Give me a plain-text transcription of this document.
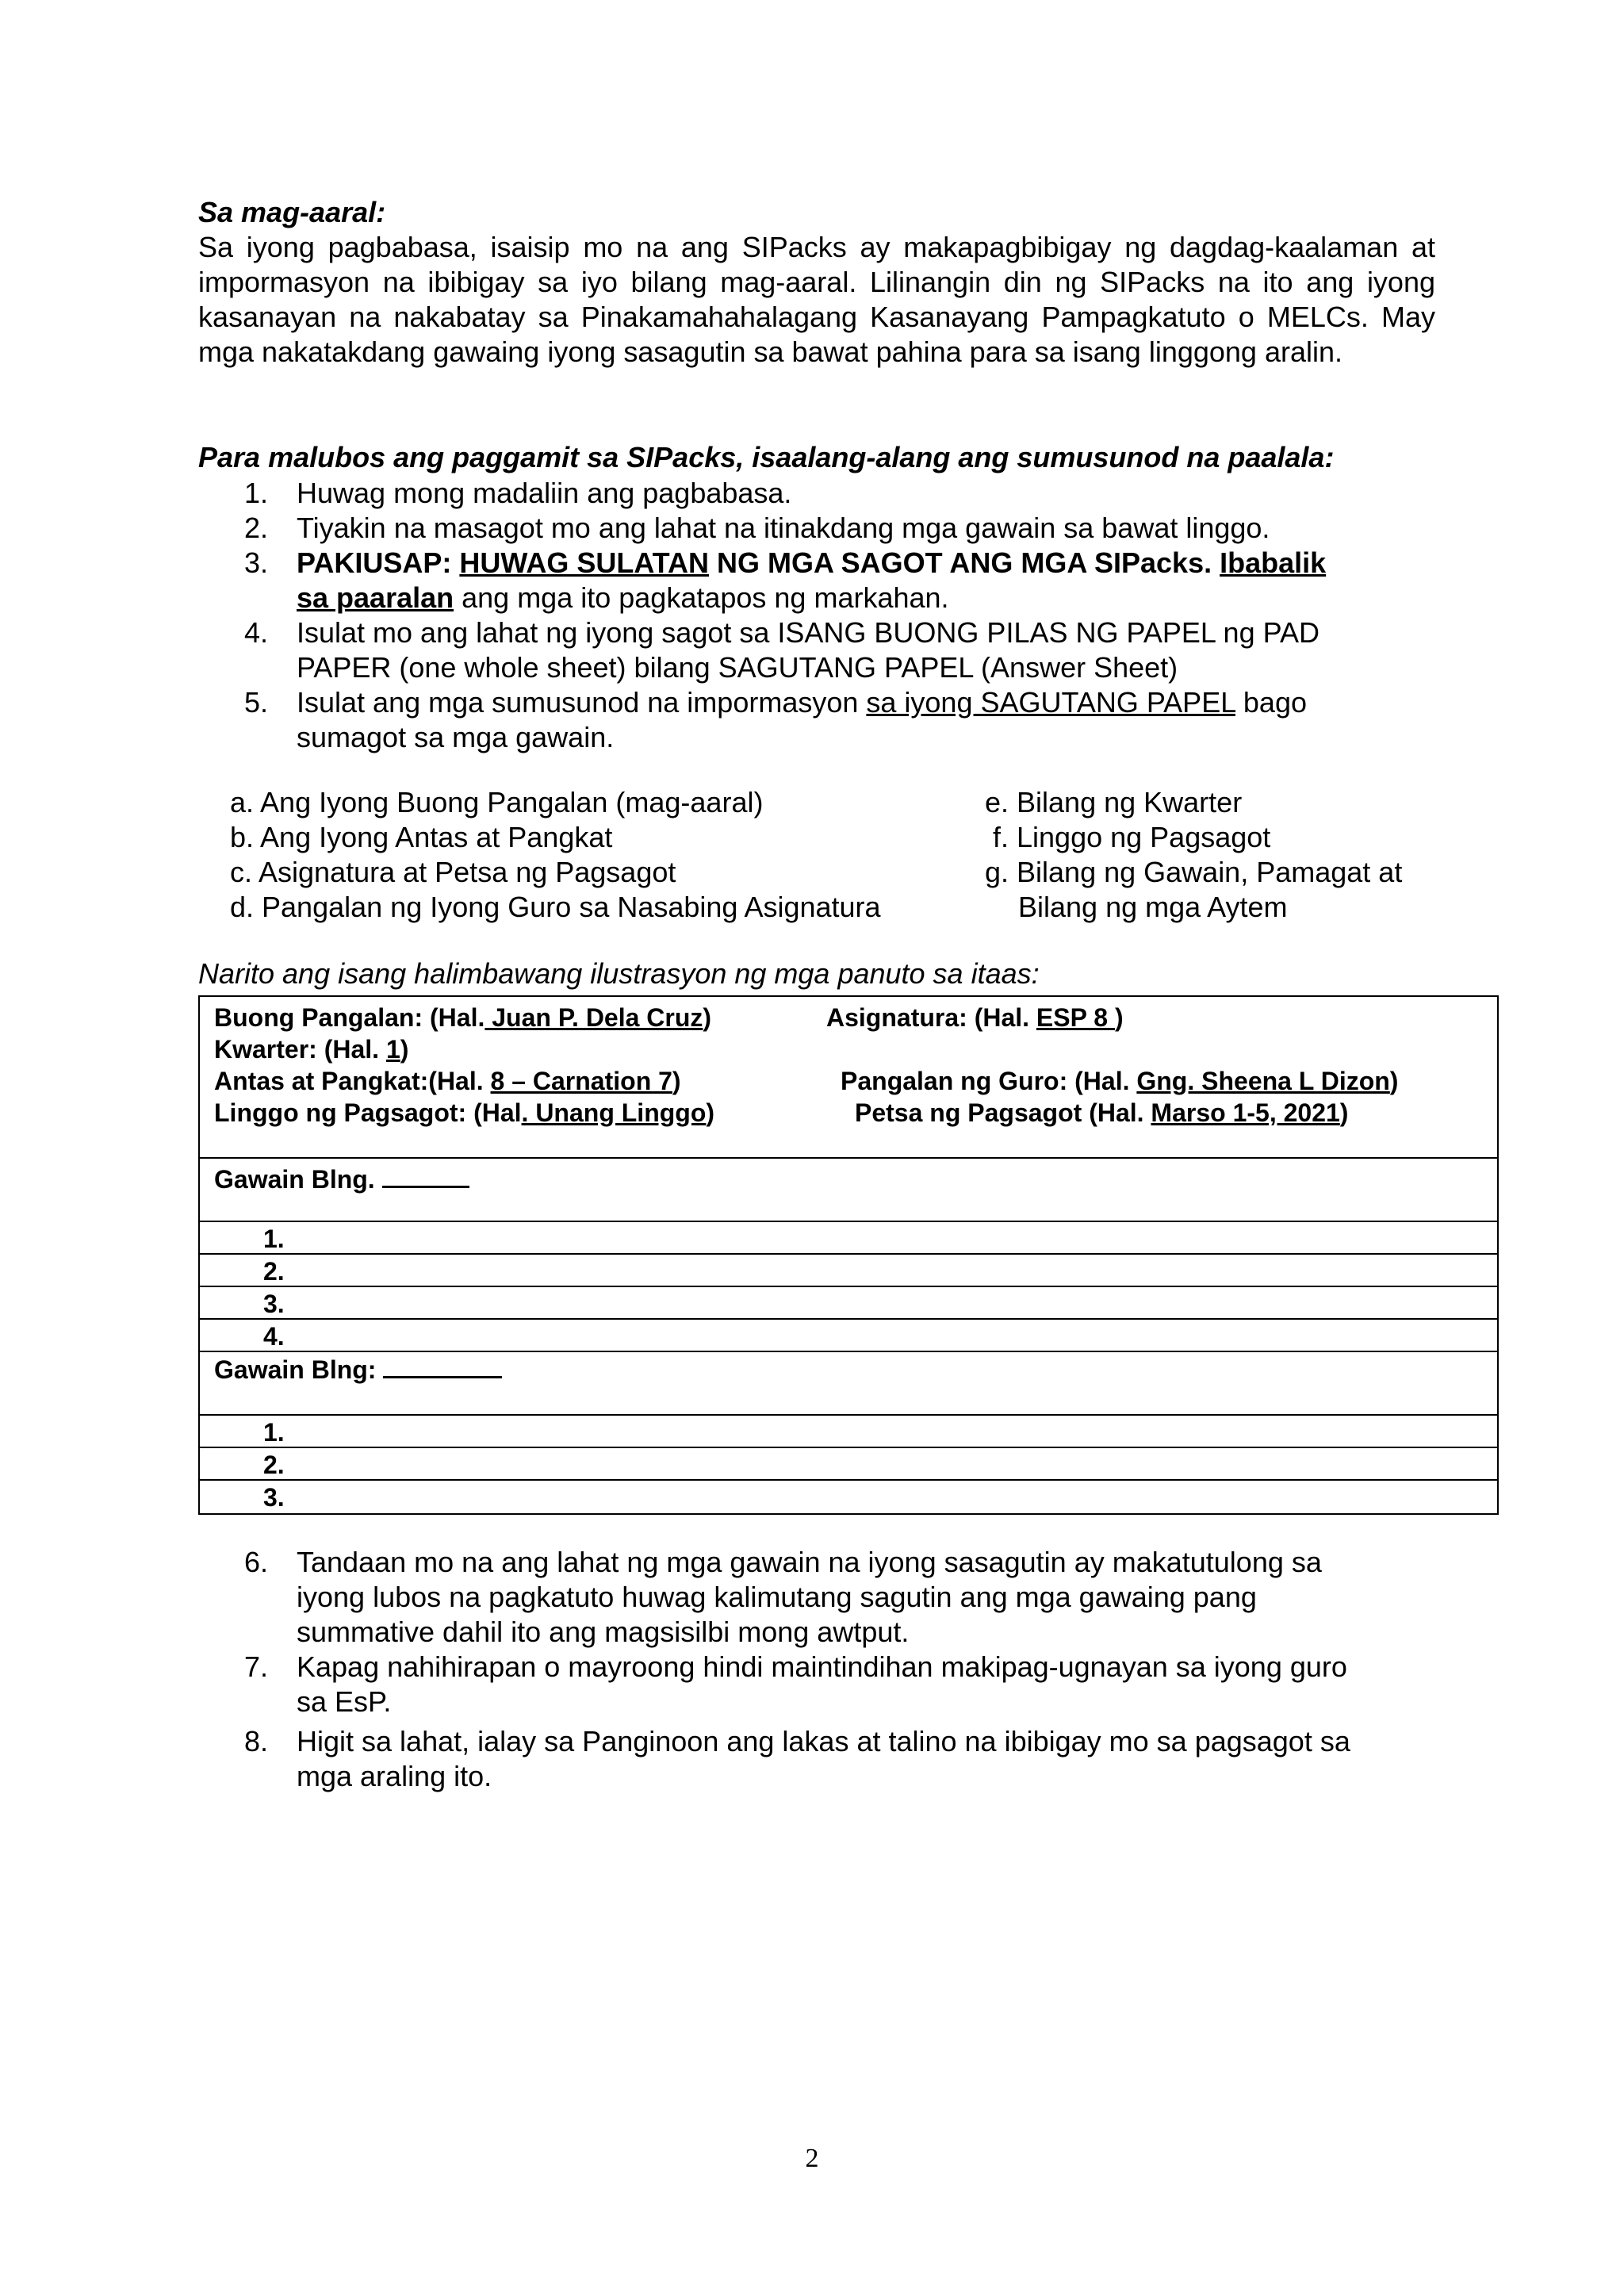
Sa mag-aaral:

Sa iyong pagbabasa, isaisip mo na ang SIPacks ay makapagbibigay ng dagdag-kaalaman at impormasyon na ibibigay sa iyo bilang mag-aaral. Lilinangin din ng SIPacks na ito ang iyong kasanayan na nakabatay sa Pinakamahahalagang Kasanayang Pampagkatuto o MELCs. May mga nakatakdang gawaing iyong sasagutin sa bawat pahina para sa isang linggong aralin.

Para malubos ang paggamit sa SIPacks, isaalang-alang ang sumusunod na paalala:
1. Huwag mong madaliin ang pagbabasa.
2. Tiyakin na masagot mo ang lahat na itinakdang mga gawain sa bawat linggo.
3. PAKIUSAP: HUWAG SULATAN NG MGA SAGOT ANG MGA SIPacks. Ibabalik
sa paaralan ang mga ito pagkatapos ng markahan.
4. Isulat mo ang lahat ng iyong sagot sa ISANG BUONG PILAS NG PAPEL ng PAD
PAPER (one whole sheet) bilang SAGUTANG PAPEL (Answer Sheet)
5. Isulat ang mga sumusunod na impormasyon sa iyong SAGUTANG PAPEL bago
sumagot sa mga gawain.
a. Ang Iyong Buong Pangalan (mag-aaral)
b. Ang Iyong Antas at Pangkat
c. Asignatura at Petsa ng Pagsagot
d. Pangalan ng Iyong Guro sa Nasabing Asignatura
e. Bilang ng Kwarter
f. Linggo ng Pagsagot
g. Bilang ng Gawain, Pamagat at
Bilang ng mga Aytem
Narito ang isang halimbawang ilustrasyon ng mga panuto sa itaas:
Buong Pangalan: (Hal. Juan P. Dela Cruz)	Asignatura: (Hal. ESP 8 )
Kwarter: (Hal. 1)
Antas at Pangkat:(Hal. 8 – Carnation 7)	Pangalan ng Guro: (Hal. Gng. Sheena L Dizon)
Linggo ng Pagsagot: (Hal. Unang Linggo)	Petsa ng Pagsagot (Hal. Marso 1-5, 2021)
Gawain Blng.
1.
2.
3.
4.
Gawain Blng:
1.
2.
3.
6. Tandaan mo na ang lahat ng mga gawain na iyong sasagutin ay makatutulong sa
iyong lubos na pagkatuto huwag kalimutang sagutin ang mga gawaing pang
summative dahil ito ang magsisilbi mong awtput.
7. Kapag nahihirapan o mayroong hindi maintindihan makipag-ugnayan sa iyong guro
sa EsP.
8. Higit sa lahat, ialay sa Panginoon ang lakas at talino na ibibigay mo sa pagsagot sa
mga araling ito.
2
